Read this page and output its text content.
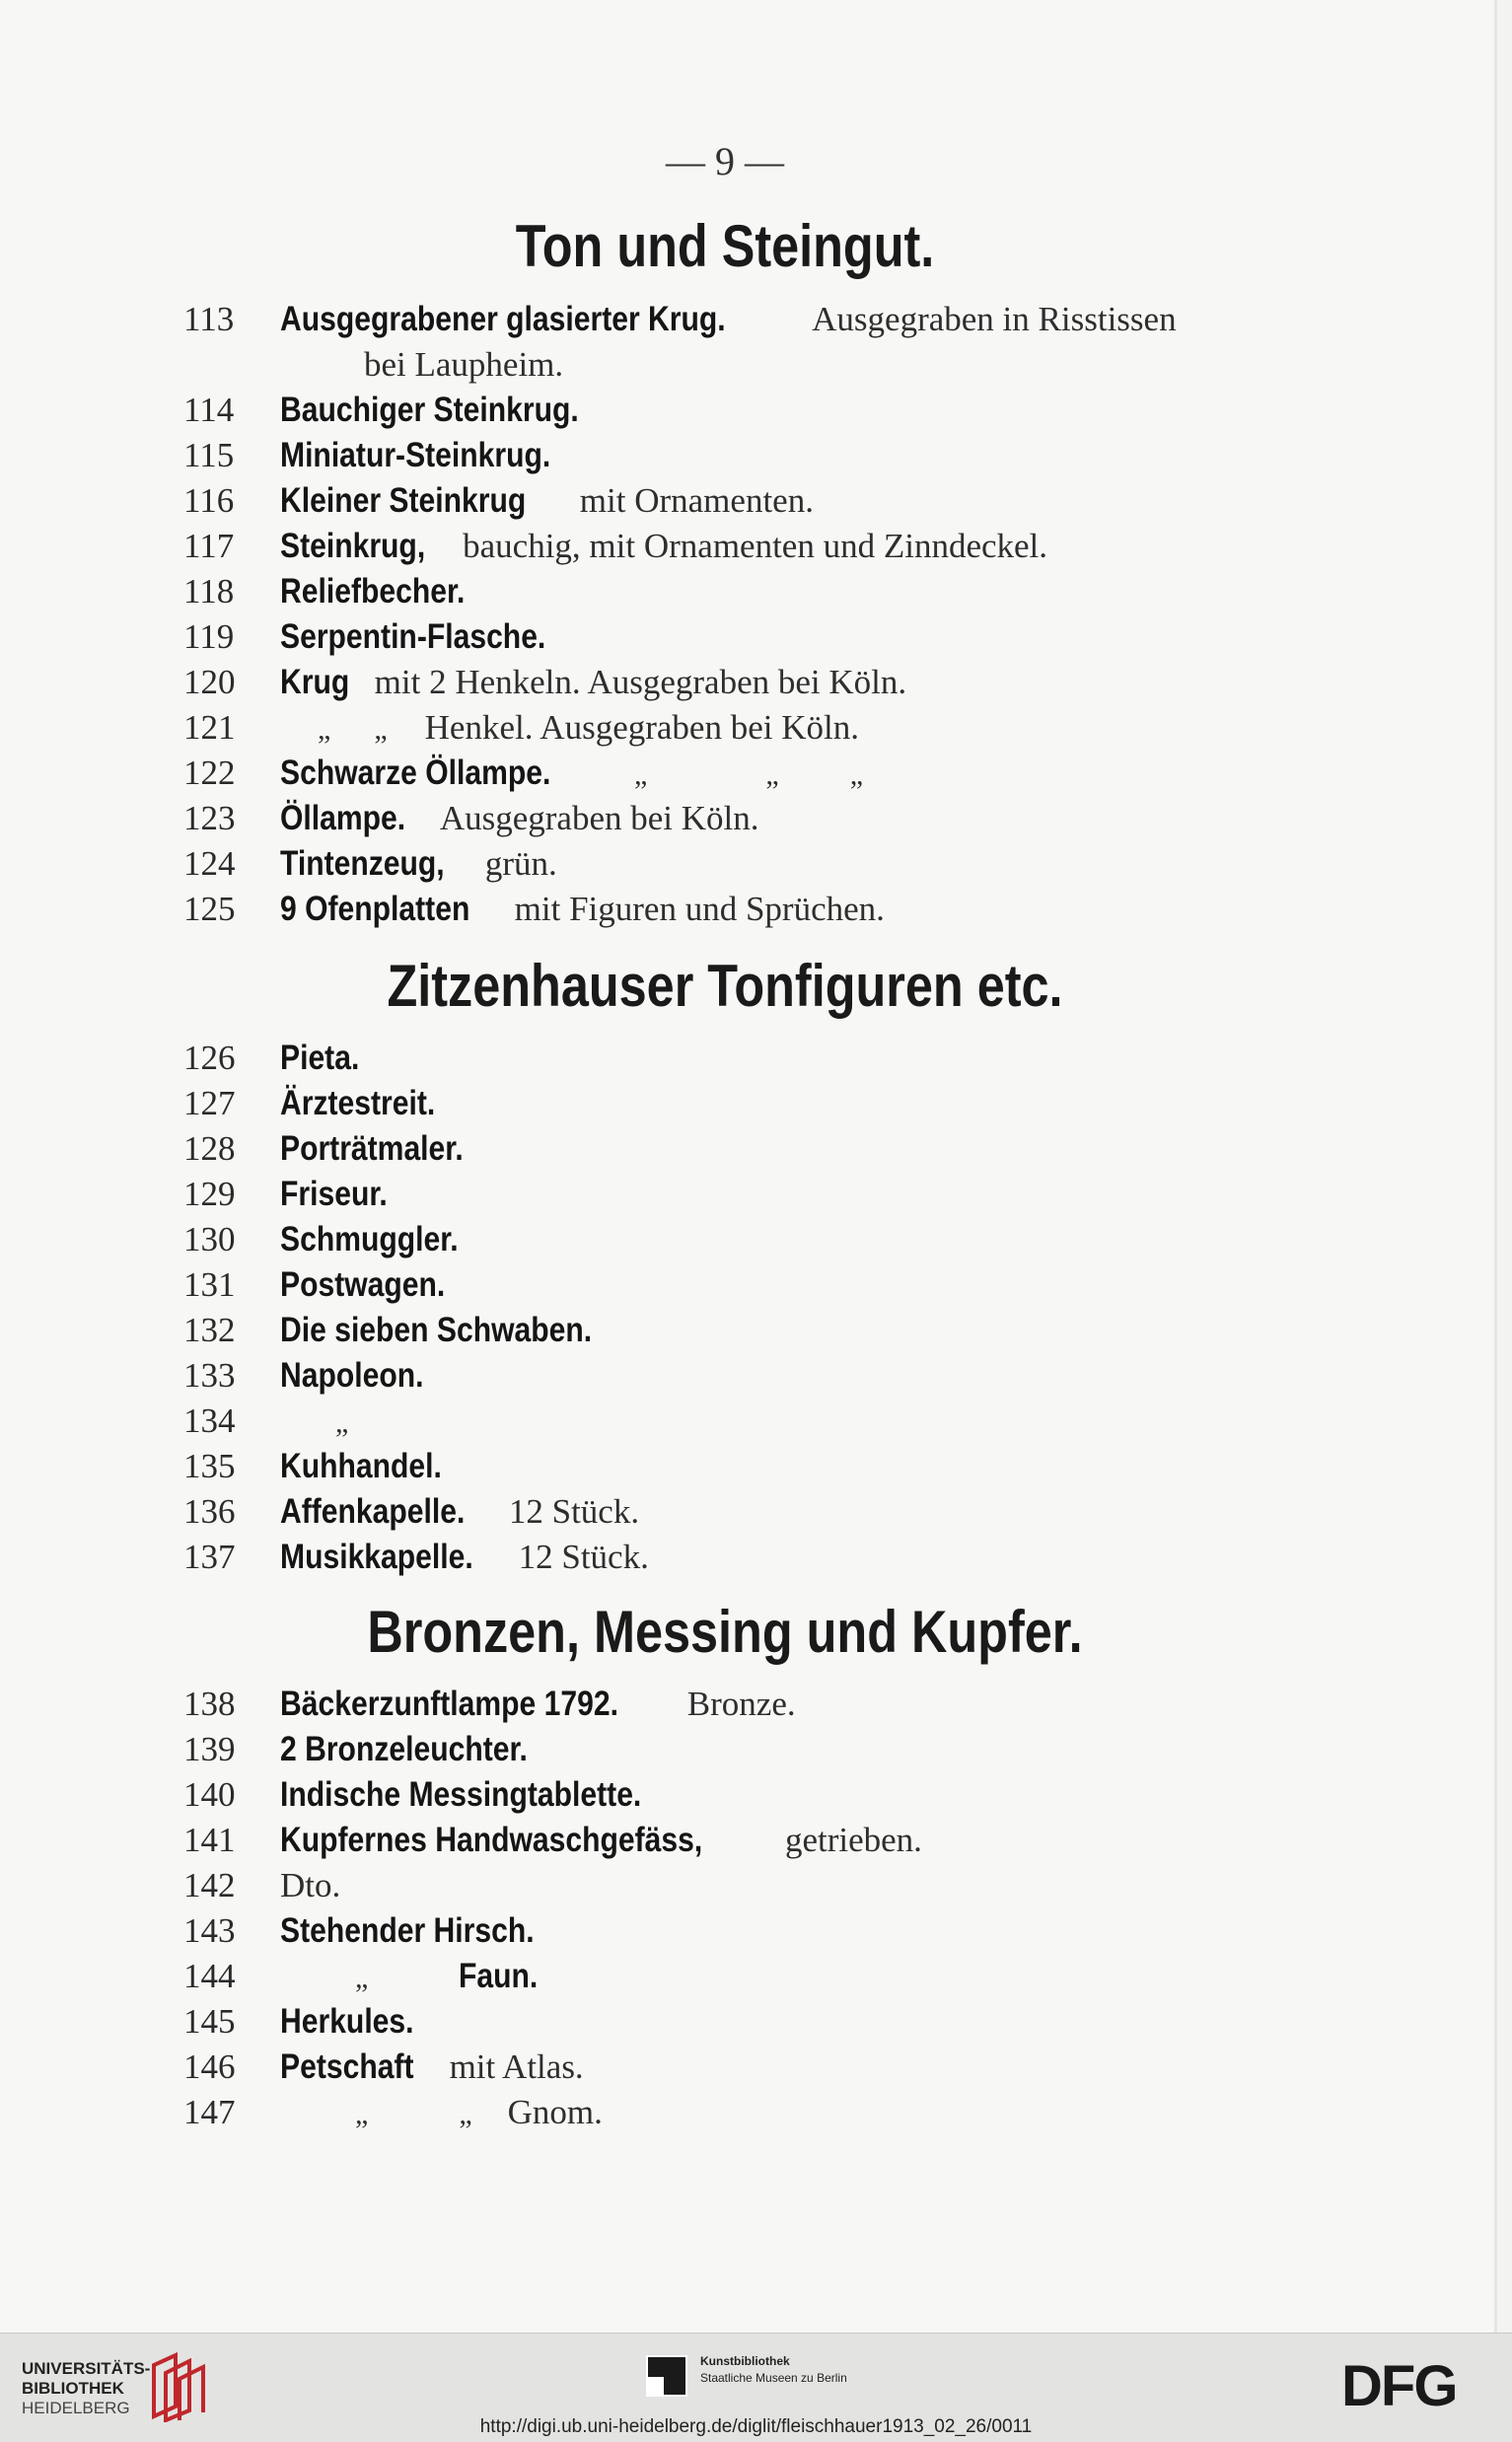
— 9 —
Ton und Steingut.
113 Ausgegrabener glasierter Krug.	Ausgegraben in Risstissen
bei Laupheim.
114 Bauchiger Steinkrug.
115 Miniatur-Steinkrug.
116 Kleiner Steinkrug mit Ornamenten.
117 Steinkrug, bauchig, mit Ornamenten und Zinndeckel.
118 Reliefbecher.
119 Serpentin-Flasche.
120 Krug mit 2 Henkeln. Ausgegraben bei Köln.
121	„ „ Henkel. Ausgegraben bei Köln.
122 Schwarze Öllampe.	„	„ „
123 Öllampe. Ausgegraben bei Köln.
124 Tintenzeug, grün.
125 9 Ofenplatten mit Figuren und Sprüchen.
Zitzenhauser Tonfiguren etc.
126 Pieta.
127 Ärztestreit.
128 Porträtmaler.
129 Friseur.
130 Schmuggler.
131 Postwagen.
132 Die sieben Schwaben.
133 Napoleon.
134	„
135 Kuhhandel.
136 Affenkapelle. 12 Stück.
137 Musikkapelle. 12 Stück.
Bronzen, Messing und Kupfer.
138 Bäckerzunftlampe 1792. Bronze.
139 2 Bronzeleuchter.
140 Indische Messingtablette.
141 Kupfernes Handwaschgefäss, getrieben.
142 Dto.
143 Stehender Hirsch.
144	„	Faun.
145 Herkules.
146 Petschaft mit Atlas.
147	„	„ Gnom.
UNIVERSITÄTS-
BIBLIOTHEK
HEIDELBERG
Kunstbibliothek
Staatliche Museen zu Berlin	DFG
http://digi.ub.uni-heidelberg.de/diglit/fleischhauer1913_02_26/0011
